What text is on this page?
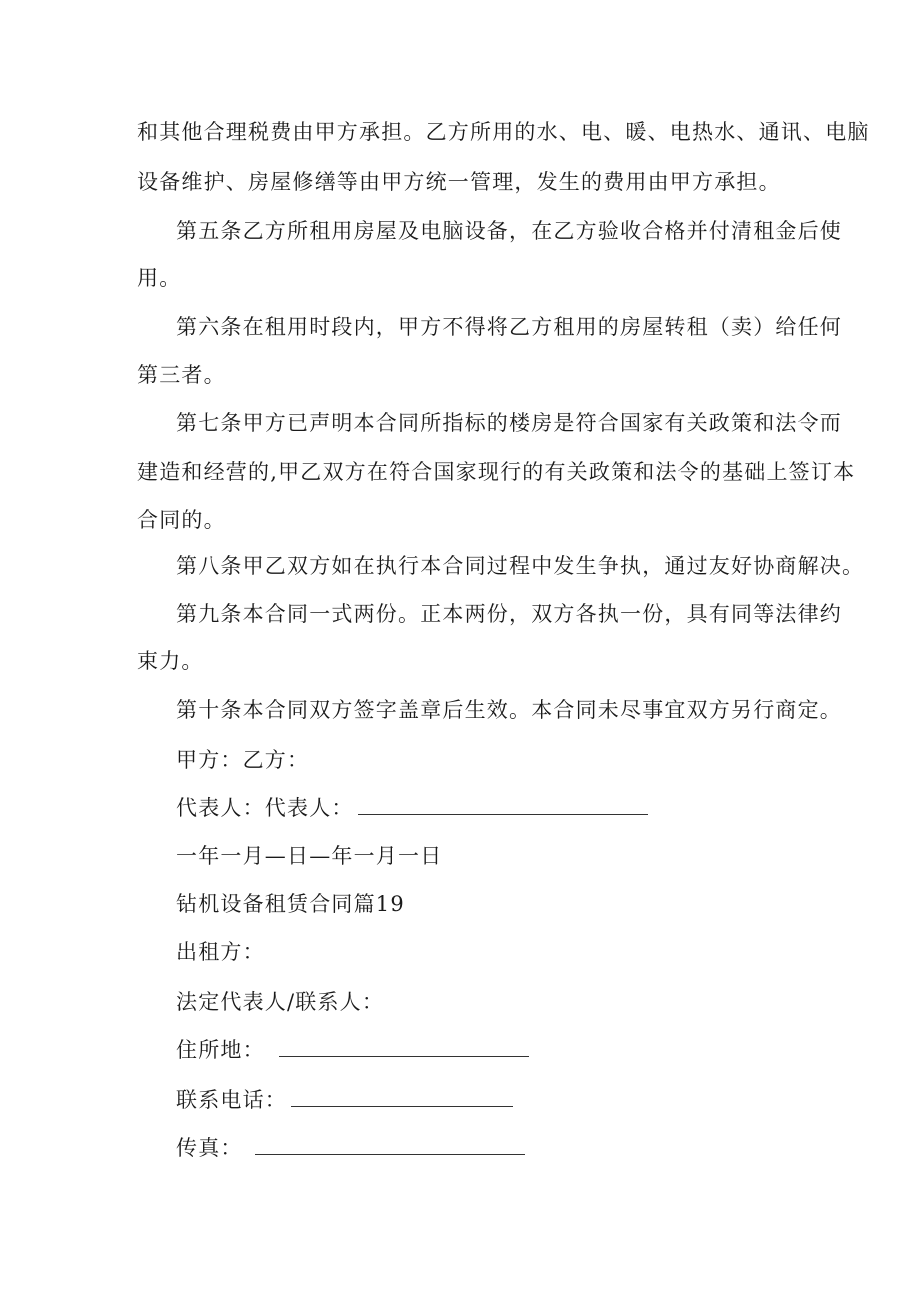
和其他合理税费由甲方承担。乙方所用的水、电、暖、电热水、通讯、电脑
设备维护、房屋修缮等由甲方统一管理，发生的费用由甲方承担。
第五条乙方所租用房屋及电脑设备，在乙方验收合格并付清租金后使
用。
第六条在租用时段内，甲方不得将乙方租用的房屋转租（卖）给任何
第三者。
第七条甲方已声明本合同所指标的楼房是符合国家有关政策和法令而
建造和经营的,甲乙双方在符合国家现行的有关政策和法令的基础上签订本
合同的。
第八条甲乙双方如在执行本合同过程中发生争执，通过友好协商解决。
第九条本合同一式两份。正本两份，双方各执一份，具有同等法律约
束力。
第十条本合同双方签字盖章后生效。本合同未尽事宜双方另行商定。
甲方：乙方：
代表人：代表人：
一年一月—日—年一月一日
钻机设备租赁合同篇19
出租方：
法定代表人/联系人：
住所地：
联系电话：
传真：
